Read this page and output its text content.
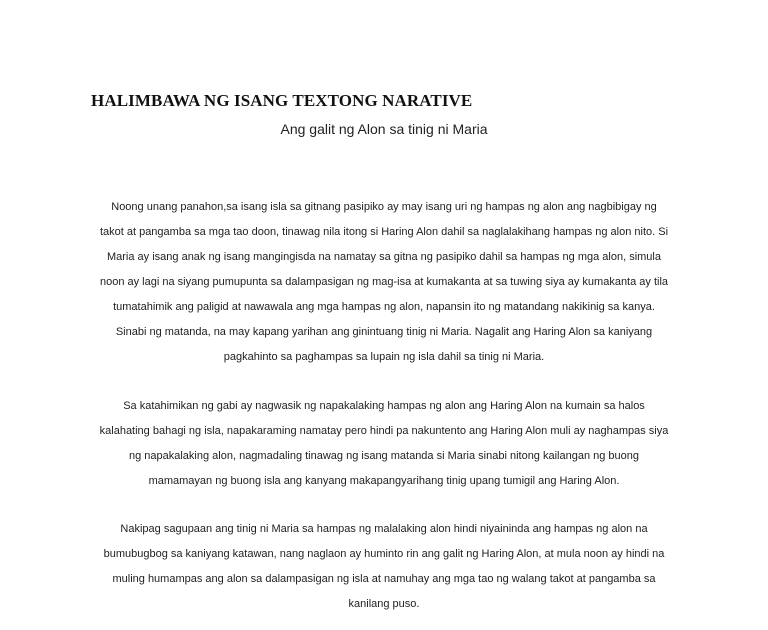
HALIMBAWA NG ISANG TEXTONG NARATIVE

Ang galit ng Alon sa tinig ni Maria

Noong unang panahon,sa isang isla sa gitnang pasipiko ay may isang uri ng hampas ng alon ang nagbibigay ng
takot at pangamba sa mga tao doon, tinawag nila itong si Haring Alon dahil sa naglalakihang hampas ng alon nito. Si
Maria ay isang anak ng isang mangingisda na namatay sa gitna ng pasipiko dahil sa hampas ng mga alon, simula
noon ay lagi na siyang pumupunta sa dalampasigan ng mag-isa at kumakanta at sa tuwing siya ay kumakanta ay tila
tumatahimik ang paligid at nawawala ang mga hampas ng alon, napansin ito ng matandang nakikinig sa kanya.
Sinabi ng matanda, na may kapang yarihan ang ginintuang tinig ni Maria. Nagalit ang Haring Alon sa kaniyang
pagkahinto sa paghampas sa lupain ng isla dahil sa tinig ni Maria.

Sa katahimikan ng gabi ay nagwasik ng napakalaking hampas ng alon ang Haring Alon na kumain sa halos
kalahating bahagi ng isla, napakaraming namatay pero hindi pa nakuntento ang Haring Alon muli ay naghampas siya
ng napakalaking alon, nagmadaling tinawag ng isang matanda si Maria sinabi nitong kailangan ng buong
mamamayan ng buong isla ang kanyang makapangyarihang tinig upang tumigil ang Haring Alon.

Nakipag sagupaan ang tinig ni Maria sa hampas ng malalaking alon hindi niyaininda ang hampas ng alon na
bumubugbog sa kaniyang katawan, nang naglaon ay huminto rin ang galit ng Haring Alon, at mula noon ay hindi na
muling humampas ang alon sa dalampasigan ng isla at namuhay ang mga tao ng walang takot at pangamba sa
kanilang puso.
